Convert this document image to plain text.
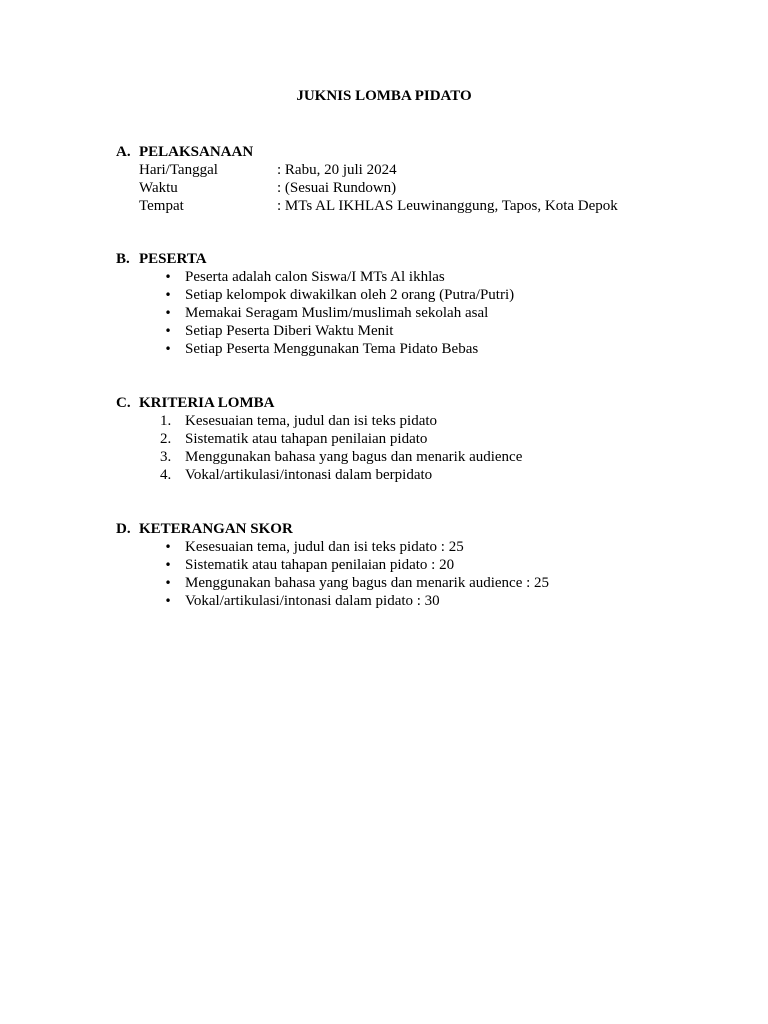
JUKNIS LOMBA PIDATO
A. PELAKSANAAN
Hari/Tanggal	: Rabu, 20 juli 2024
Waktu	: (Sesuai Rundown)
Tempat	: MTs AL IKHLAS Leuwinanggung, Tapos, Kota Depok
B. PESERTA
• Peserta adalah calon Siswa/I MTs Al ikhlas
• Setiap kelompok diwakilkan oleh 2 orang (Putra/Putri)
• Memakai Seragam Muslim/muslimah sekolah asal
• Setiap Peserta Diberi Waktu Menit
• Setiap Peserta Menggunakan Tema Pidato Bebas
C. KRITERIA LOMBA
1. Kesesuaian tema, judul dan isi teks pidato
2. Sistematik atau tahapan penilaian pidato
3. Menggunakan bahasa yang bagus dan menarik audience
4. Vokal/artikulasi/intonasi dalam berpidato
D. KETERANGAN SKOR
• Kesesuaian tema, judul dan isi teks pidato : 25
• Sistematik atau tahapan penilaian pidato : 20
• Menggunakan bahasa yang bagus dan menarik audience : 25
• Vokal/artikulasi/intonasi dalam pidato : 30
